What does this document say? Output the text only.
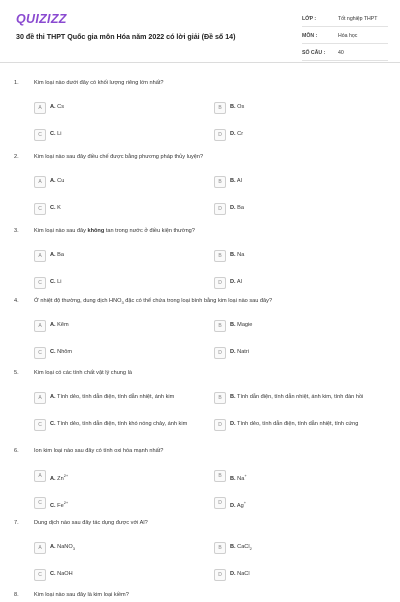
QUIZIZZ
30 đề thi THPT Quốc gia môn Hóa năm 2022 có lời giải (Đề số 14)
LỚP :	Tốt nghiệp THPT
MÔN :	Hóa học
SỐ CÂU : 40
1.	Kim loại nào dưới đây có khối lượng riêng lớn nhất?
A	A. Cs	B	B. Os
C	C. Li	D	D. Cr
2.	Kim loại nào sau đây điều chế được bằng phương pháp thủy luyện?
A	A. Cu	B	B. Al
C	C. K	D	D. Ba
3.	Kim loại nào sau đây không tan trong nước ở điều kiện thường?
A	A. Ba	B	B. Na
C	C. Li	D	D. Al
4.	Ở nhiệt độ thường, dung dịch $HNO_3$ đặc có thể chứa trong loại bình bằng kim loại nào sau đây?
A	A. Kẽm	B	B. Magie
C	C. Nhôm	D	D. Natri
5.	Kim loại có các tính chất vật lý chung là
A	A. Tính dẻo, tính dẫn điện, tính dẫn nhiệt, ánh kim	B	B. Tính dẫn điện, tính dẫn nhiệt, ánh kim, tính đàn hồi
C	C. Tính dẻo, tính dẫn điện, tính khó nóng chảy, ánh kim	D	D. Tính dẻo, tính dẫn điện, tính dẫn nhiệt, tính cứng
6.	Ion kim loại nào sau đây có tính oxi hóa mạnh nhất?
A	A. $Zn^{2+}$	B	B. Na+
C	C. $Fe^{2+}$	D	D. Ag+
7.	Dung dịch nào sau đây tác dụng được với Al?
A	A. NaNO$_3$	B	B. CaCl$_2$
C	C. NaOH	D	D. NaCl
8.	Kim loại nào sau đây là kim loại kiềm?
